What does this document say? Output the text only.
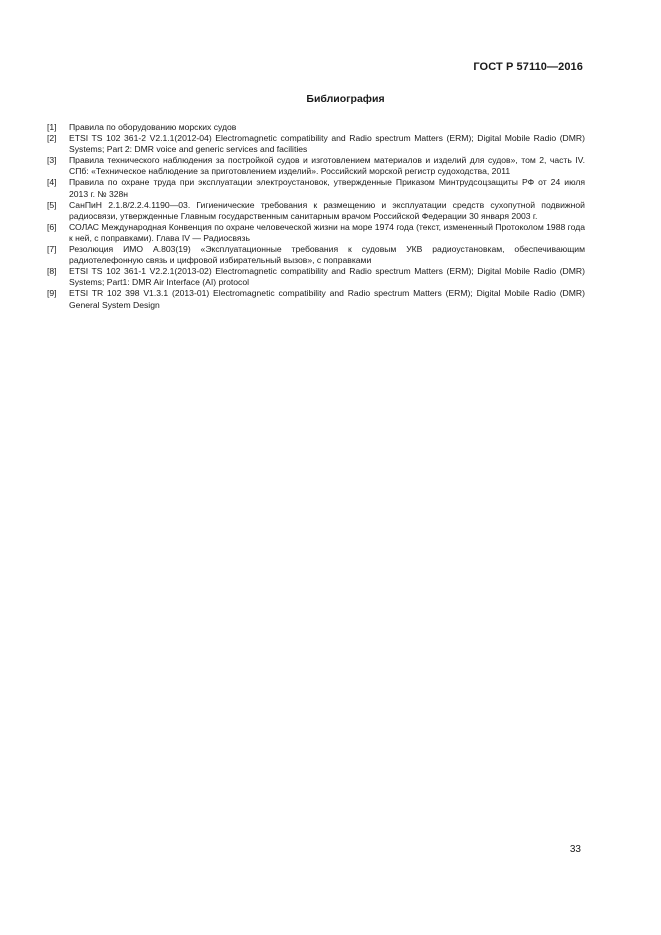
ГОСТ Р 57110—2016
Библиография
[1]	Правила по оборудованию морских судов
[2]	ETSI TS 102 361-2 V2.1.1(2012-04) Electromagnetic compatibility and Radio spectrum Matters (ERM); Digital Mobile Radio (DMR) Systems; Part 2: DMR voice and generic services and facilities
[3]	Правила технического наблюдения за постройкой судов и изготовлением материалов и изделий для судов», том 2, часть IV. СПб: «Техническое наблюдение за приготовлением изделий». Российский морской регистр судоходства, 2011
[4]	Правила по охране труда при эксплуатации электроустановок, утвержденные Приказом Минтрудсоцзащиты РФ от 24 июля 2013 г. № 328н
[5]	СанПиН 2.1.8/2.2.4.1190—03. Гигиенические требования к размещению и эксплуатации средств сухопутной подвижной радиосвязи, утвержденные Главным государственным санитарным врачом Российской Федерации 30 января 2003 г.
[6]	СОЛАС Международная Конвенция по охране человеческой жизни на море 1974 года (текст, измененный Протоколом 1988 года к ней, с поправками). Глава IV — Радиосвязь
[7]	Резолюция ИМО А.803(19) «Эксплуатационные требования к судовым УКВ радиоустановкам, обеспечивающим радиотелефонную связь и цифровой избирательный вызов», с поправками
[8]	ETSI TS 102 361-1 V2.2.1(2013-02) Electromagnetic compatibility and Radio spectrum Matters (ERM); Digital Mobile Radio (DMR) Systems; Part1: DMR Air Interface (AI) protocol
[9]	ETSI TR 102 398 V1.3.1 (2013-01) Electromagnetic compatibility and Radio spectrum Matters (ERM); Digital Mobile Radio (DMR) General System Design
33
